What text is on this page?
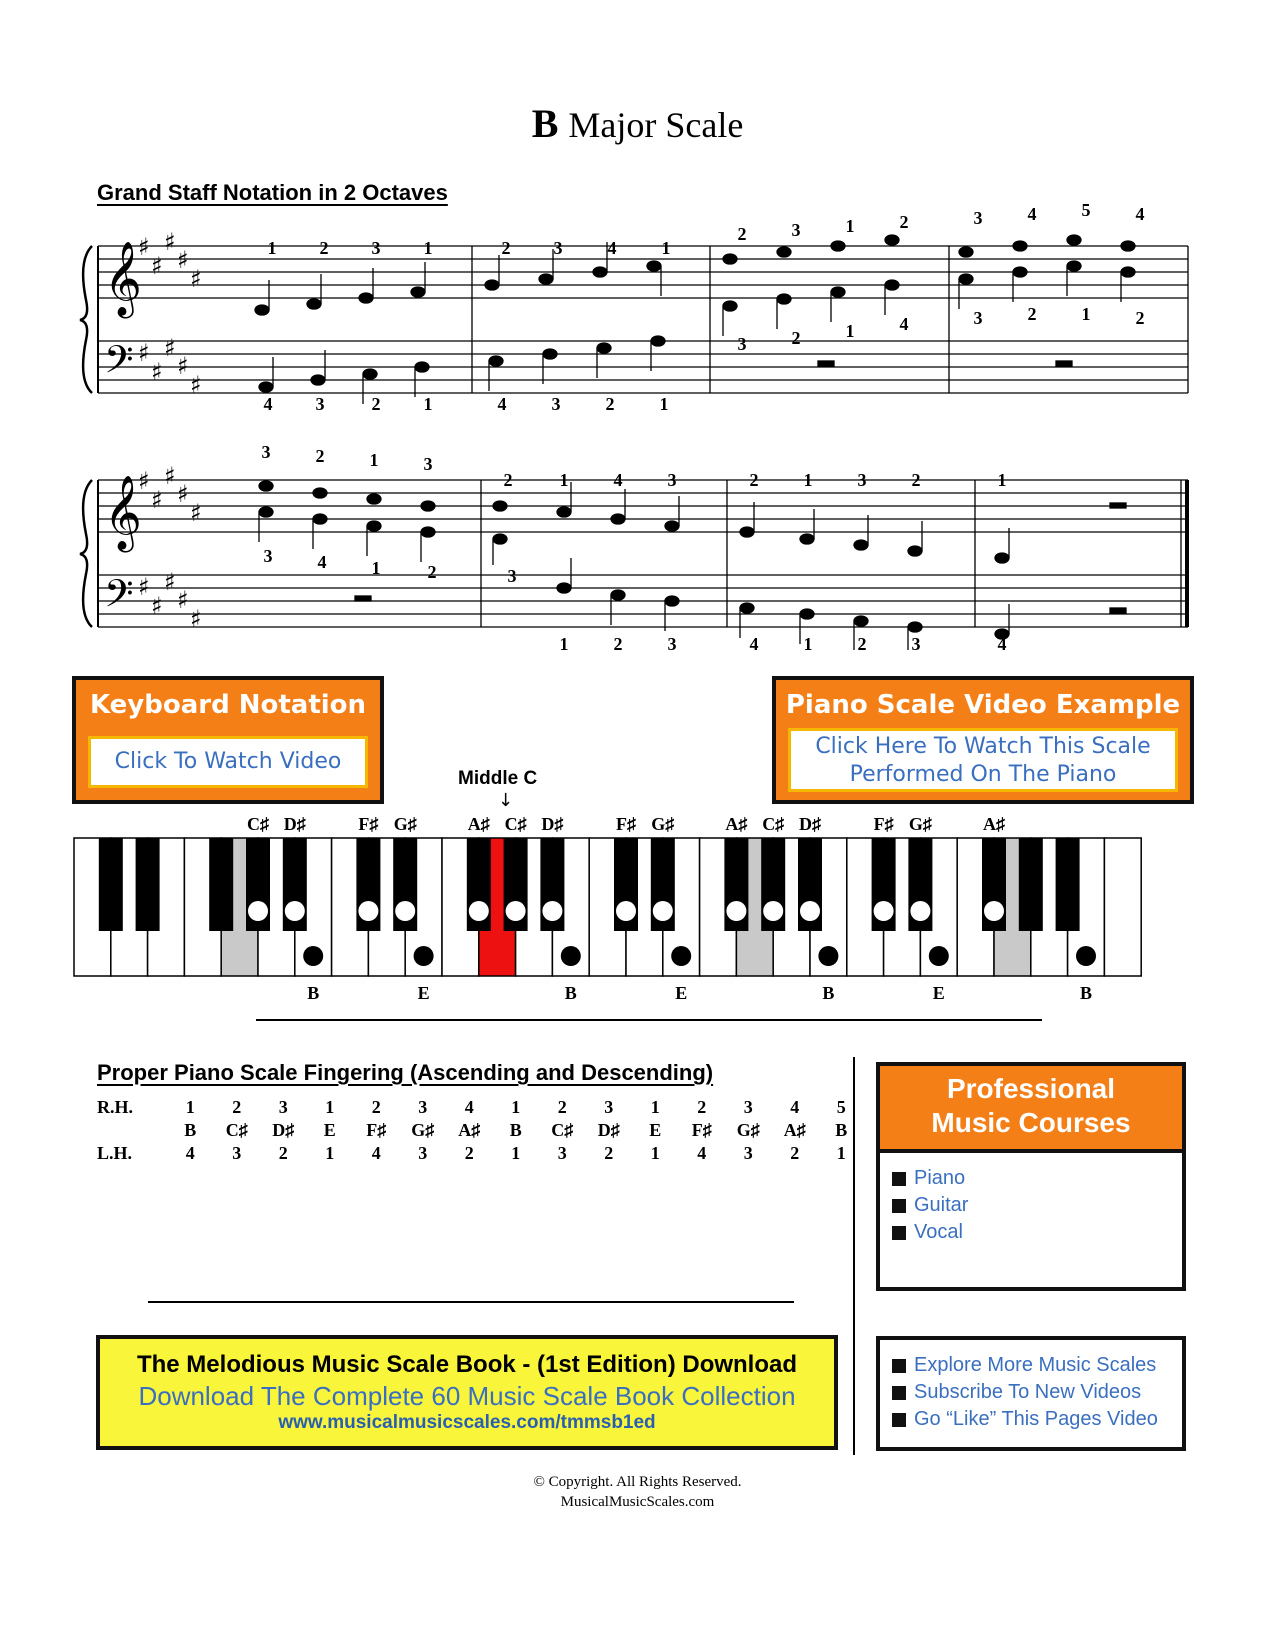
B Major Scale
Grand Staff Notation in 2 Octaves
𝄞
𝄢
𝄞
𝄢
♯
♯
♯
♯
♯
♯
♯
♯
♯
♯
♯
♯
♯
♯
♯
♯
♯
♯
♯
♯
1 2 3 1	2 3	4	1
2	3	1	2	3	4	5	4
3	2	1	4	3	2	1	2
4 3	2 1	4	3	2	1
3	2	1	3
2	1	4	3	2	1	3	2	1
3	4	1	2	3
1	2	3	4	1	2	3	4
Keyboard Notation
Click To Watch Video
Piano Scale Video Example
Click Here To Watch This Scale
Performed On The Piano
Middle C
↓
B	E	B	E	B	E	B
C♯ D♯	F♯ G♯	A♯ C♯ D♯	F♯ G♯	A♯ C♯ D♯	F♯ G♯	A♯
Proper Piano Scale Fingering (Ascending and Descending)
R.H.	1	2	3	1	2	3	4	1	2	3	1	2	3	4	5
	B	C♯	D♯	E	F♯	G♯	A♯	B	C♯	D♯	E	F♯	G♯	A♯	B
L.H.	4	3	2	1	4	3	2	1	3	2	1	4	3	2	1
Professional
Music Courses
Piano
Guitar
Vocal
The Melodious Music Scale Book - (1st Edition) Download
Download The Complete 60 Music Scale Book Collection
www.musicalmusicscales.com/tmmsb1ed
Explore More Music Scales
Subscribe To New Videos
Go “Like” This Pages Video
© Copyright. All Rights Reserved.
MusicalMusicScales.com
